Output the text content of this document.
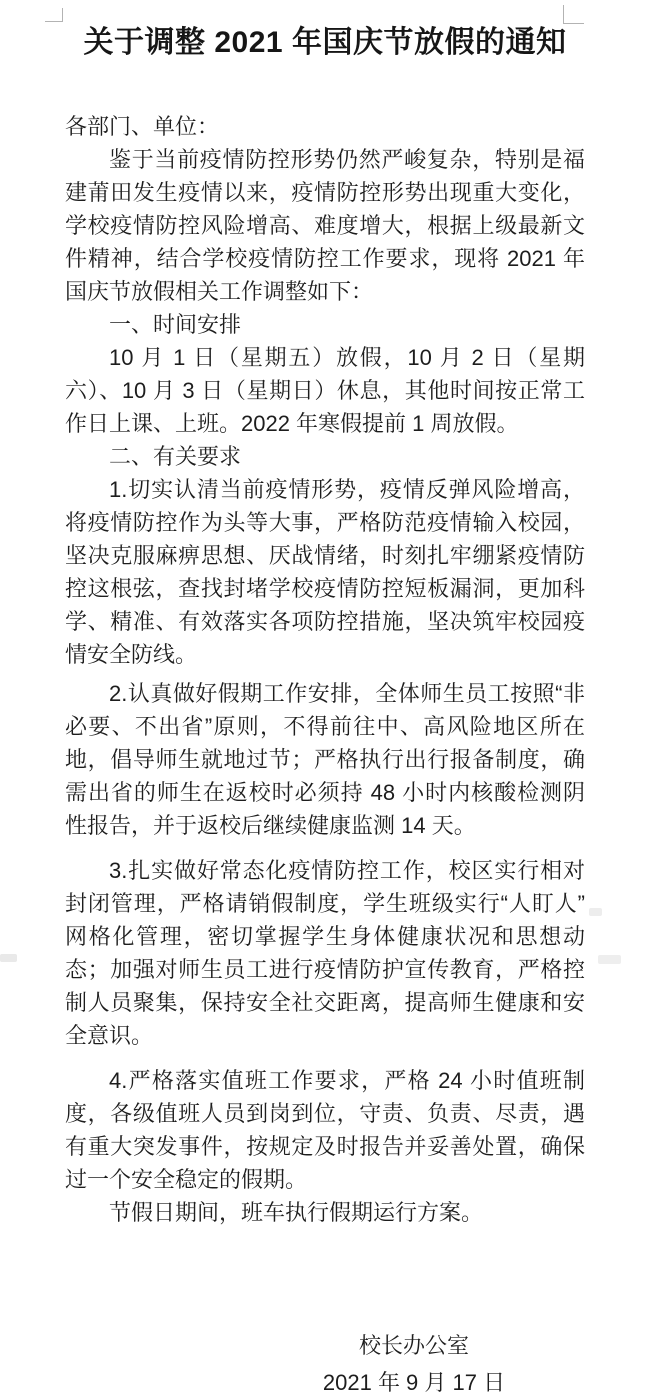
关于调整 2021 年国庆节放假的通知

各部门、单位：

鉴于当前疫情防控形势仍然严峻复杂，特别是福建莆田发生疫情以来，疫情防控形势出现重大变化，学校疫情防控风险增高、难度增大，根据上级最新文件精神，结合学校疫情防控工作要求，现将 2021 年国庆节放假相关工作调整如下：

一、时间安排

10 月 1 日（星期五）放假，10 月 2 日（星期六）、10 月 3 日（星期日）休息，其他时间按正常工作日上课、上班。2022 年寒假提前 1 周放假。

二、有关要求

1.切实认清当前疫情形势，疫情反弹风险增高，将疫情防控作为头等大事，严格防范疫情输入校园，坚决克服麻痹思想、厌战情绪，时刻扎牢绷紧疫情防控这根弦，查找封堵学校疫情防控短板漏洞，更加科学、精准、有效落实各项防控措施，坚决筑牢校园疫情安全防线。

2.认真做好假期工作安排，全体师生员工按照“非必要、不出省”原则，不得前往中、高风险地区所在地，倡导师生就地过节；严格执行出行报备制度，确需出省的师生在返校时必须持 48 小时内核酸检测阴性报告，并于返校后继续健康监测 14 天。

3.扎实做好常态化疫情防控工作，校区实行相对封闭管理，严格请销假制度，学生班级实行“人盯人”网格化管理，密切掌握学生身体健康状况和思想动态；加强对师生员工进行疫情防护宣传教育，严格控制人员聚集，保持安全社交距离，提高师生健康和安全意识。

4.严格落实值班工作要求，严格 24 小时值班制度，各级值班人员到岗到位，守责、负责、尽责，遇有重大突发事件，按规定及时报告并妥善处置，确保过一个安全稳定的假期。

节假日期间，班车执行假期运行方案。

校长办公室
2021 年 9 月 17 日
